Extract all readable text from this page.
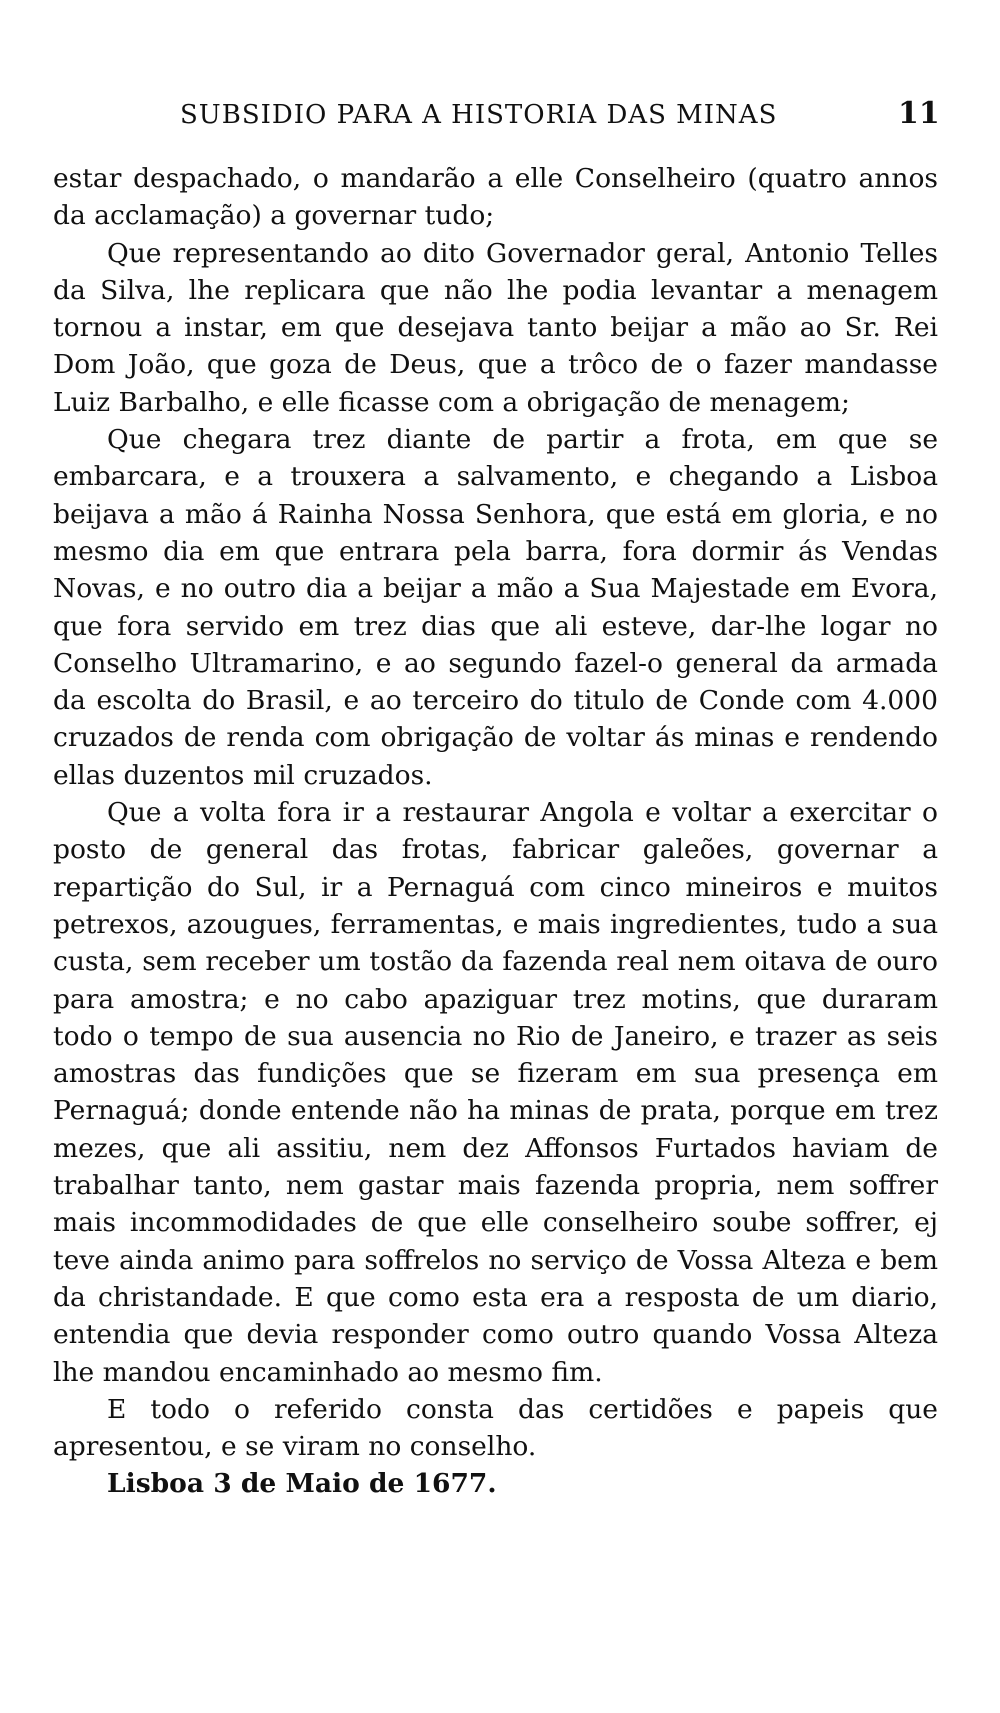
SUBSIDIO PARA A HISTORIA DAS MINAS	11

estar despachado, o mandarão a elle Conselheiro (quatro annos da acclamação) a governar tudo;

Que representando ao dito Governador geral, Antonio Telles da Silva, lhe replicara que não lhe podia levantar a menagem tornou a instar, em que desejava tanto beijar a mão ao Sr. Rei Dom João, que goza de Deus, que a trôco de o fazer mandasse Luiz Barbalho, e elle ficasse com a obrigação de menagem;

Que chegara trez diante de partir a frota, em que se embarcara, e a trouxera a salvamento, e chegando a Lisboa beijava a mão á Rainha Nossa Senhora, que está em gloria, e no mesmo dia em que entrara pela barra, fora dormir ás Vendas Novas, e no outro dia a beijar a mão a Sua Majestade em Evora, que fora servido em trez dias que ali esteve, dar-lhe logar no Conselho Ultramarino, e ao segundo fazel-o general da armada da escolta do Brasil, e ao terceiro do titulo de Conde com 4.000 cruzados de renda com obrigação de voltar ás minas e rendendo ellas duzentos mil cruzados.

Que a volta fora ir a restaurar Angola e voltar a exercitar o posto de general das frotas, fabricar galeões, governar a repartição do Sul, ir a Pernaguá com cinco mineiros e muitos petrexos, azougues, ferramentas, e mais ingredientes, tudo a sua custa, sem receber um tostão da fazenda real nem oitava de ouro para amostra; e no cabo apaziguar trez motins, que duraram todo o tempo de sua ausencia no Rio de Janeiro, e trazer as seis amostras das fundições que se fizeram em sua presença em Pernaguá; donde entende não ha minas de prata, porque em trez mezes, que ali assitiu, nem dez Affonsos Furtados haviam de trabalhar tanto, nem gastar mais fazenda propria, nem soffrer mais incommodidades de que elle conselheiro soube soffrer, ej teve ainda animo para soffrelos no serviço de Vossa Alteza e bem da christandade. E que como esta era a resposta de um diario, entendia que devia responder como outro quando Vossa Alteza lhe mandou encaminhado ao mesmo fim.

E todo o referido consta das certidões e papeis que apresentou, e se viram no conselho.

Lisboa 3 de Maio de 1677.
